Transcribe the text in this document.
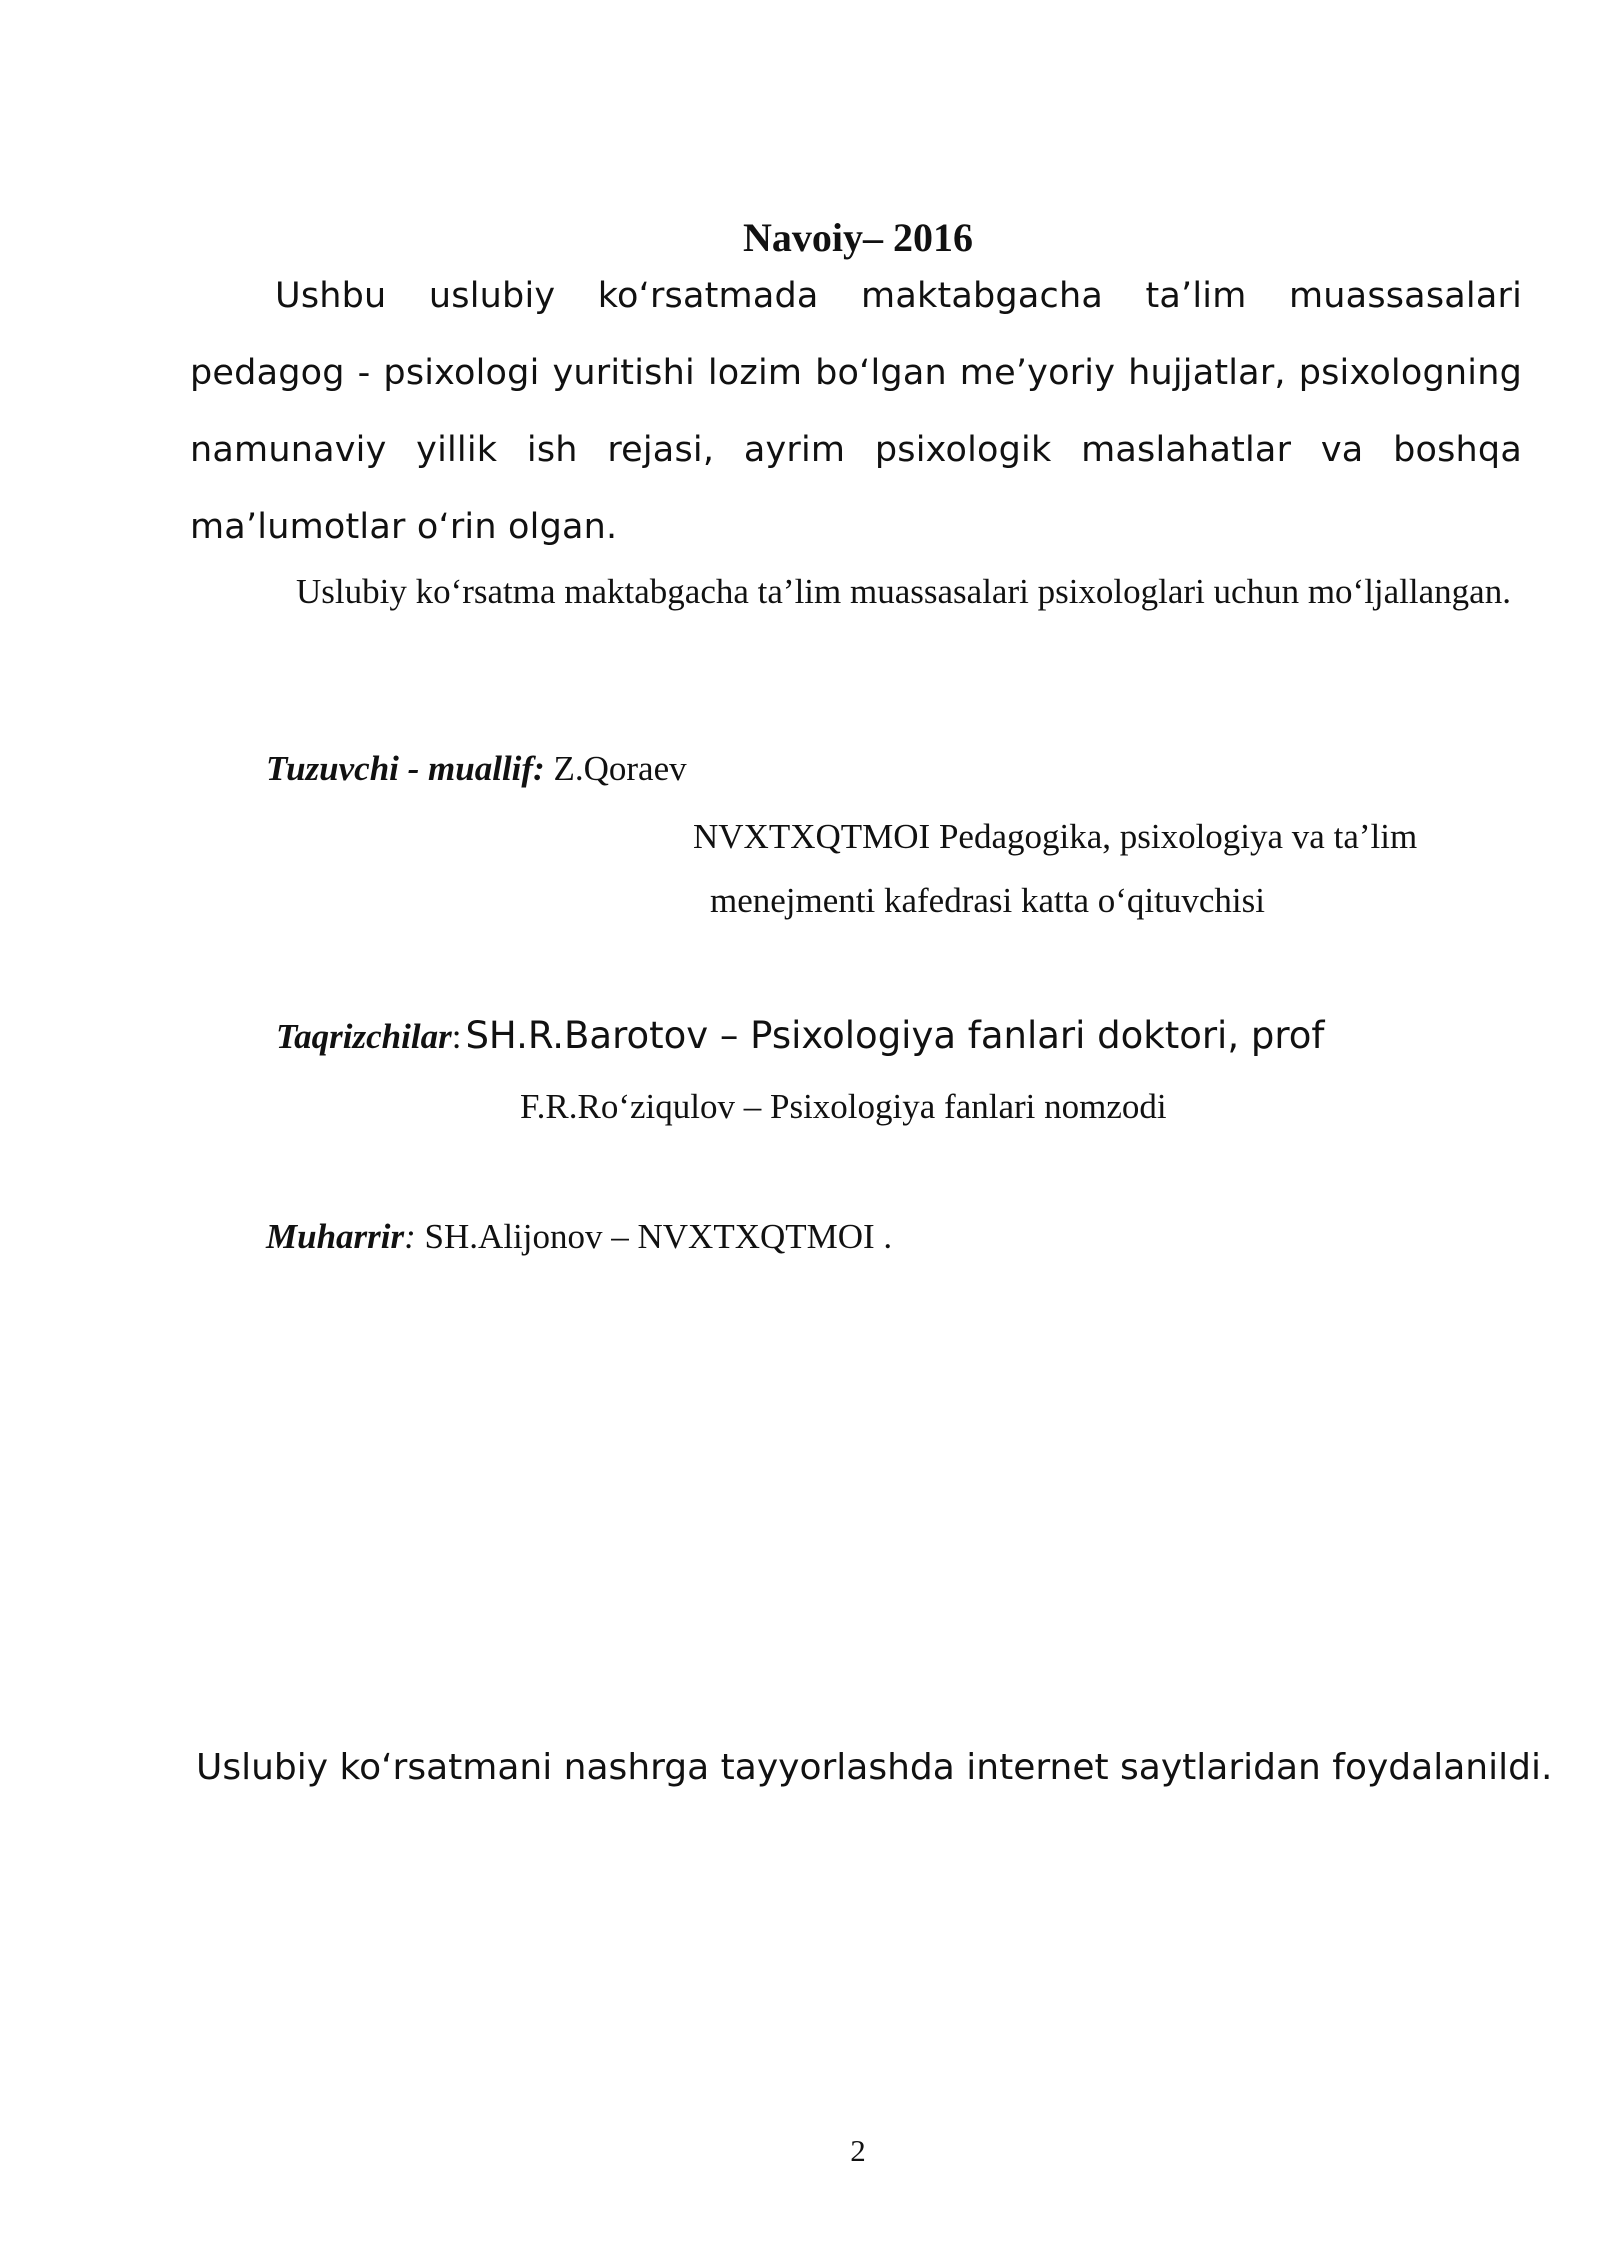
Navoiy– 2016
Ushbu uslubiy koʻrsatmada maktabgacha taʼlim muassasalari pedagog - psixologi yuritishi lozim boʻlgan meʼyoriy hujjatlar, psixologning namunaviy yillik ish rejasi, ayrim psixologik maslahatlar va boshqa maʼlumotlar oʻrin olgan.
Uslubiy koʻrsatma maktabgacha ta’lim muassasalari psixologlari uchun moʻljallangan.
Tuzuvchi - muallif: Z.Qoraev
NVXTXQTMOI Pedagogika, psixologiya va ta’lim
menejmenti kafedrasi katta oʻqituvchisi
Taqrizchilar: SH.R.Barotov – Psixologiya fanlari doktori, prof
F.R.Roʻziqulov – Psixologiya fanlari nomzodi
Muharrir: SH.Alijonov – NVXTXQTMOI .
Uslubiy koʻrsatmani nashrga tayyorlashda internet saytlaridan foydalanildi.
2
